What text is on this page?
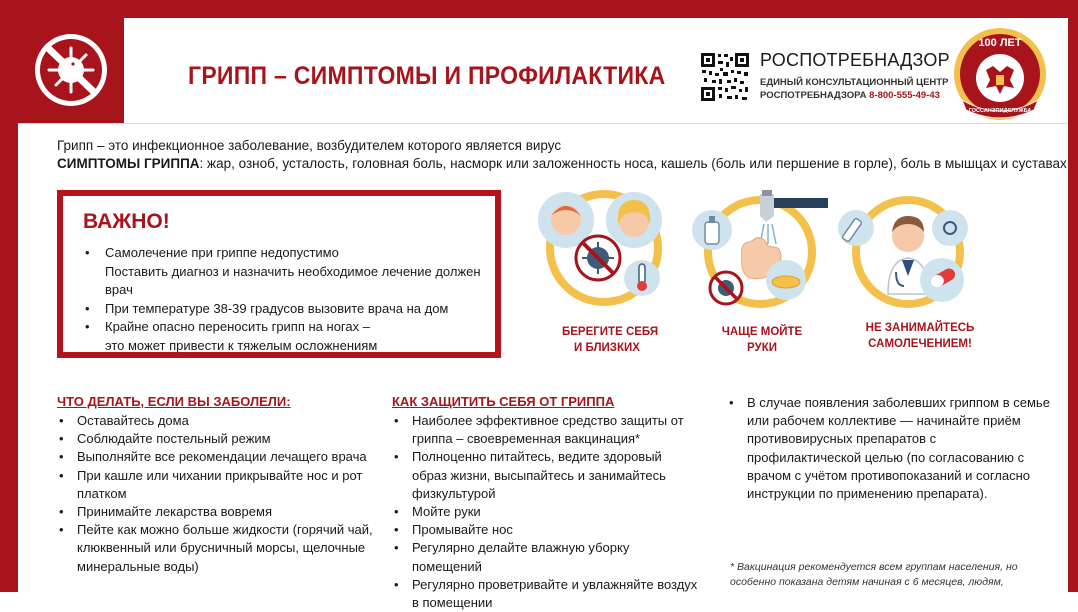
ГРИПП – СИМПТОМЫ И ПРОФИЛАКТИКА
РОСПОТРЕБНАДЗОР
ЕДИНЫЙ КОНСУЛЬТАЦИОННЫЙ ЦЕНТР
РОСПОТРЕБНАДЗОРА 8-800-555-49-43
100 ЛЕТ
ГОССАНЭПИДСЛУЖБА
Грипп – это инфекционное заболевание, возбудителем которого является вирус
СИМПТОМЫ ГРИППА: жар, озноб, усталость, головная боль, насморк или заложенность носа, кашель (боль или першение в горле), боль в мышцах и суставах
ВАЖНО!
• Самолечение при гриппе недопустимо
Поставить диагноз и назначить необходимое лечение должен врач
• При температуре 38-39 градусов вызовите врача на дом
• Крайне опасно переносить грипп на ногах –
это может привести к тяжелым осложнениям
БЕРЕГИТЕ СЕБЯ
И БЛИЗКИХ
ЧАЩЕ МОЙТЕ
РУКИ
НЕ ЗАНИМАЙТЕСЬ
САМОЛЕЧЕНИЕМ!
ЧТО ДЕЛАТЬ, ЕСЛИ ВЫ ЗАБОЛЕЛИ:
• Оставайтесь дома
• Соблюдайте постельный режим
• Выполняйте все рекомендации лечащего врача
• При кашле или чихании прикрывайте нос и рот платком
• Принимайте лекарства вовремя
• Пейте как можно больше жидкости (горячий чай, клюквенный или брусничный морсы, щелочные минеральные воды)
КАК ЗАЩИТИТЬ СЕБЯ ОТ ГРИППА
• Наиболее эффективное средство защиты от гриппа – своевременная вакцинация*
• Полноценно питайтесь, ведите здоровый образ жизни, высыпайтесь и занимайтесь физкультурой
• Мойте руки
• Промывайте нос
• Регулярно делайте влажную уборку помещений
• Регулярно проветривайте и увлажняйте воздух в помещении
• В случае появления заболевших гриппом в семье или рабочем коллективе — начинайте приём противовирусных препаратов с профилактической целью (по согласованию с врачом с учётом противопоказаний и согласно инструкции по применению препарата).
* Вакцинация рекомендуется всем группам населения, но особенно показана детям начиная с 6 месяцев, людям,
